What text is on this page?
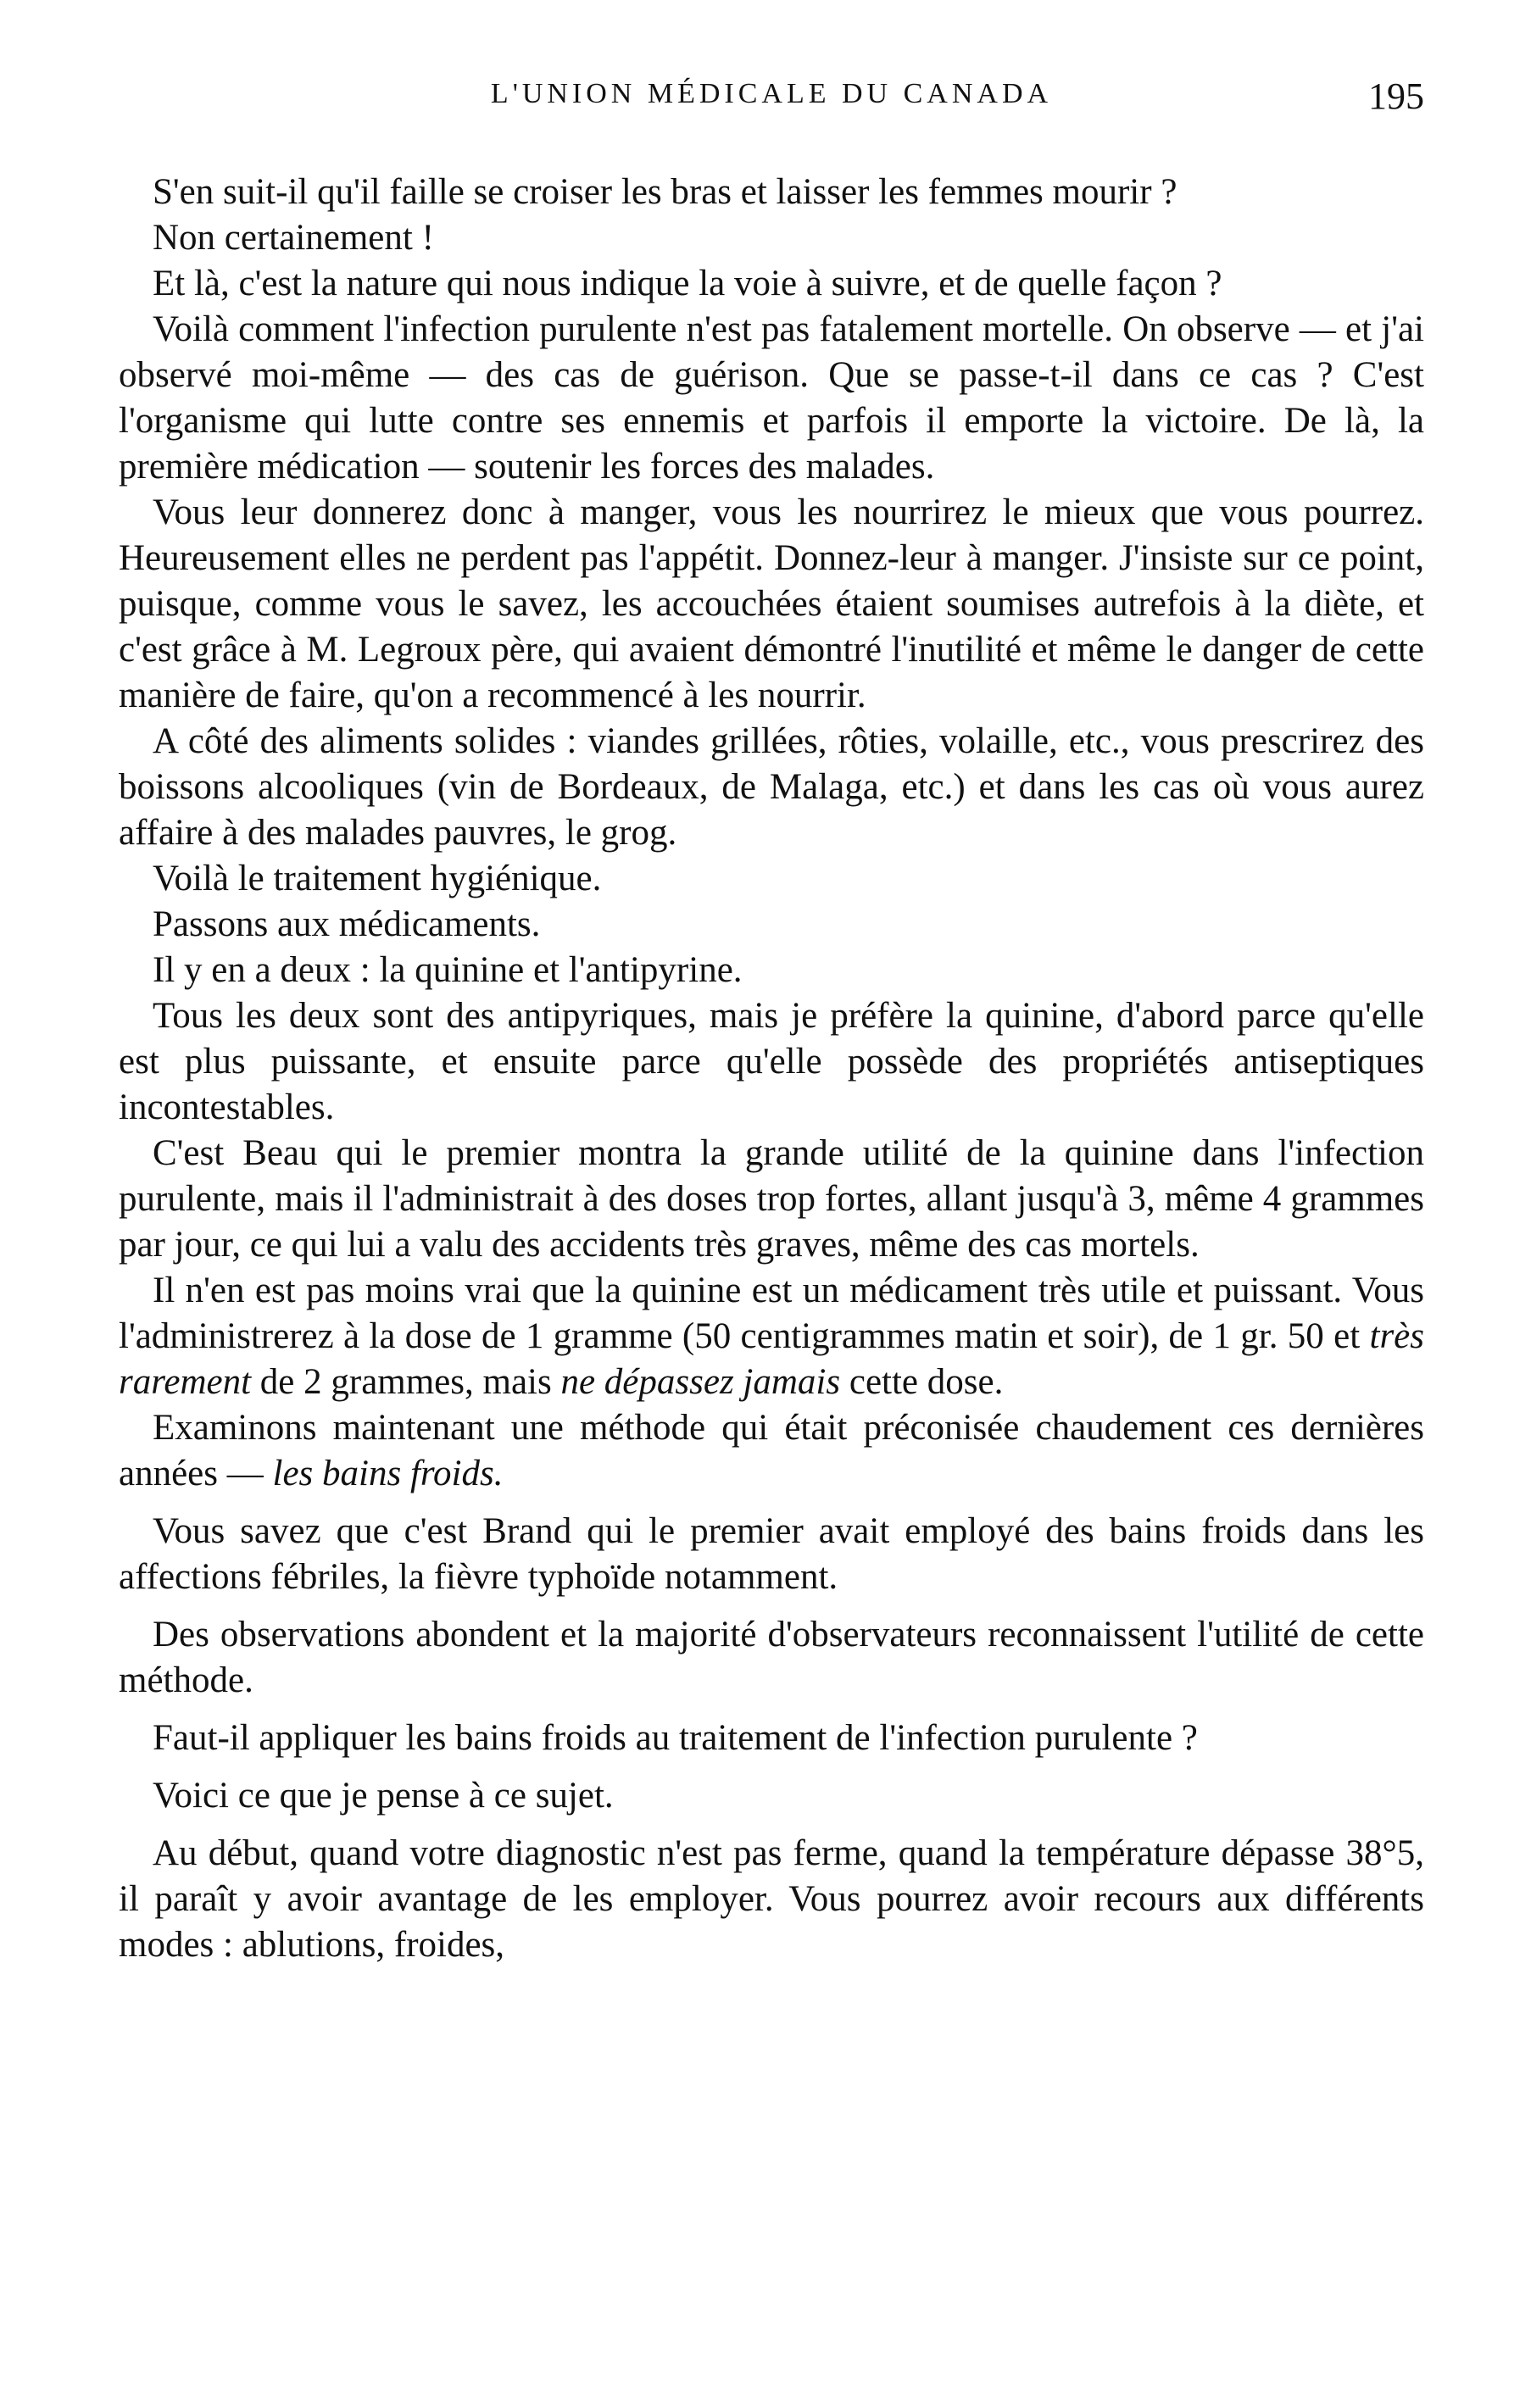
L'UNION MÉDICALE DU CANADA	195

S'en suit-il qu'il faille se croiser les bras et laisser les femmes mourir ?

Non certainement !

Et là, c'est la nature qui nous indique la voie à suivre, et de quelle façon ?

Voilà comment l'infection purulente n'est pas fatalement mortelle. On observe — et j'ai observé moi-même — des cas de guérison. Que se passe-t-il dans ce cas ? C'est l'organisme qui lutte contre ses ennemis et parfois il emporte la victoire. De là, la première médication — soutenir les forces des malades.

Vous leur donnerez donc à manger, vous les nourrirez le mieux que vous pourrez. Heureusement elles ne perdent pas l'appétit. Donnez-leur à manger. J'insiste sur ce point, puisque, comme vous le savez, les accouchées étaient soumises autrefois à la diète, et c'est grâce à M. Legroux père, qui avaient démontré l'inutilité et même le danger de cette manière de faire, qu'on a recommencé à les nourrir.

A côté des aliments solides : viandes grillées, rôties, volaille, etc., vous prescrirez des boissons alcooliques (vin de Bordeaux, de Malaga, etc.) et dans les cas où vous aurez affaire à des malades pauvres, le grog.

Voilà le traitement hygiénique.

Passons aux médicaments.

Il y en a deux : la quinine et l'antipyrine.

Tous les deux sont des antipyriques, mais je préfère la quinine, d'abord parce qu'elle est plus puissante, et ensuite parce qu'elle possède des propriétés antiseptiques incontestables.

C'est Beau qui le premier montra la grande utilité de la quinine dans l'infection purulente, mais il l'administrait à des doses trop fortes, allant jusqu'à 3, même 4 grammes par jour, ce qui lui a valu des accidents très graves, même des cas mortels.

Il n'en est pas moins vrai que la quinine est un médicament très utile et puissant. Vous l'administrerez à la dose de 1 gramme (50 centigrammes matin et soir), de 1 gr. 50 et très rarement de 2 grammes, mais ne dépassez jamais cette dose.

Examinons maintenant une méthode qui était préconisée chaudement ces dernières années — les bains froids.

Vous savez que c'est Brand qui le premier avait employé des bains froids dans les affections fébriles, la fièvre typhoïde notamment.

Des observations abondent et la majorité d'observateurs reconnaissent l'utilité de cette méthode.

Faut-il appliquer les bains froids au traitement de l'infection purulente ?

Voici ce que je pense à ce sujet.

Au début, quand votre diagnostic n'est pas ferme, quand la température dépasse 38°5, il paraît y avoir avantage de les employer. Vous pourrez avoir recours aux différents modes : ablutions, froides,
